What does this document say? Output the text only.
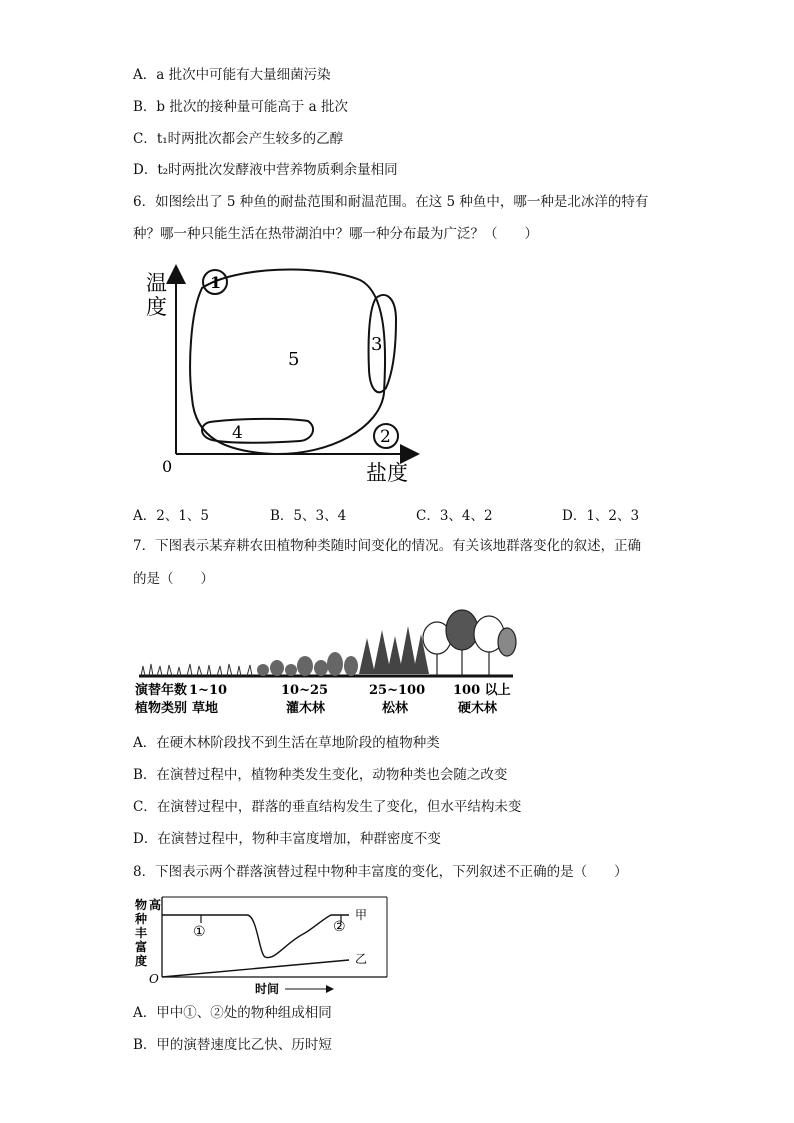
A．a 批次中可能有大量细菌污染
B．b 批次的接种量可能高于 a 批次
C．t₁时两批次都会产生较多的乙醇
D．t₂时两批次发酵液中营养物质剩余量相同
6．如图绘出了 5 种鱼的耐盐范围和耐温范围。在这 5 种鱼中，哪一种是北冰洋的特有
种？哪一种只能生活在热带湖泊中？哪一种分布最为广泛？（　　）
温
度
盐度
0
1
2
3
4
5
A．2、1、5	B．5、3、4	C．3、4、2	D．1、2、3
7．下图表示某弃耕农田植物种类随时间变化的情况。有关该地群落变化的叙述，正确
的是（　　）
演替年数
植物类别
1~10
草地
10~25
灌木林
25~100
松林
100 以上
硬木林
A．在硬木林阶段找不到生活在草地阶段的植物种类
B．在演替过程中，植物种类发生变化，动物种类也会随之改变
C．在演替过程中，群落的垂直结构发生了变化，但水平结构未变
D．在演替过程中，物种丰富度增加，种群密度不变
8．下图表示两个群落演替过程中物种丰富度的变化，下列叙述不正确的是（　　）
物
种
丰
富
度
高
O
时间
甲
乙
①	②
A．甲中①、②处的物种组成相同
B．甲的演替速度比乙快、历时短
